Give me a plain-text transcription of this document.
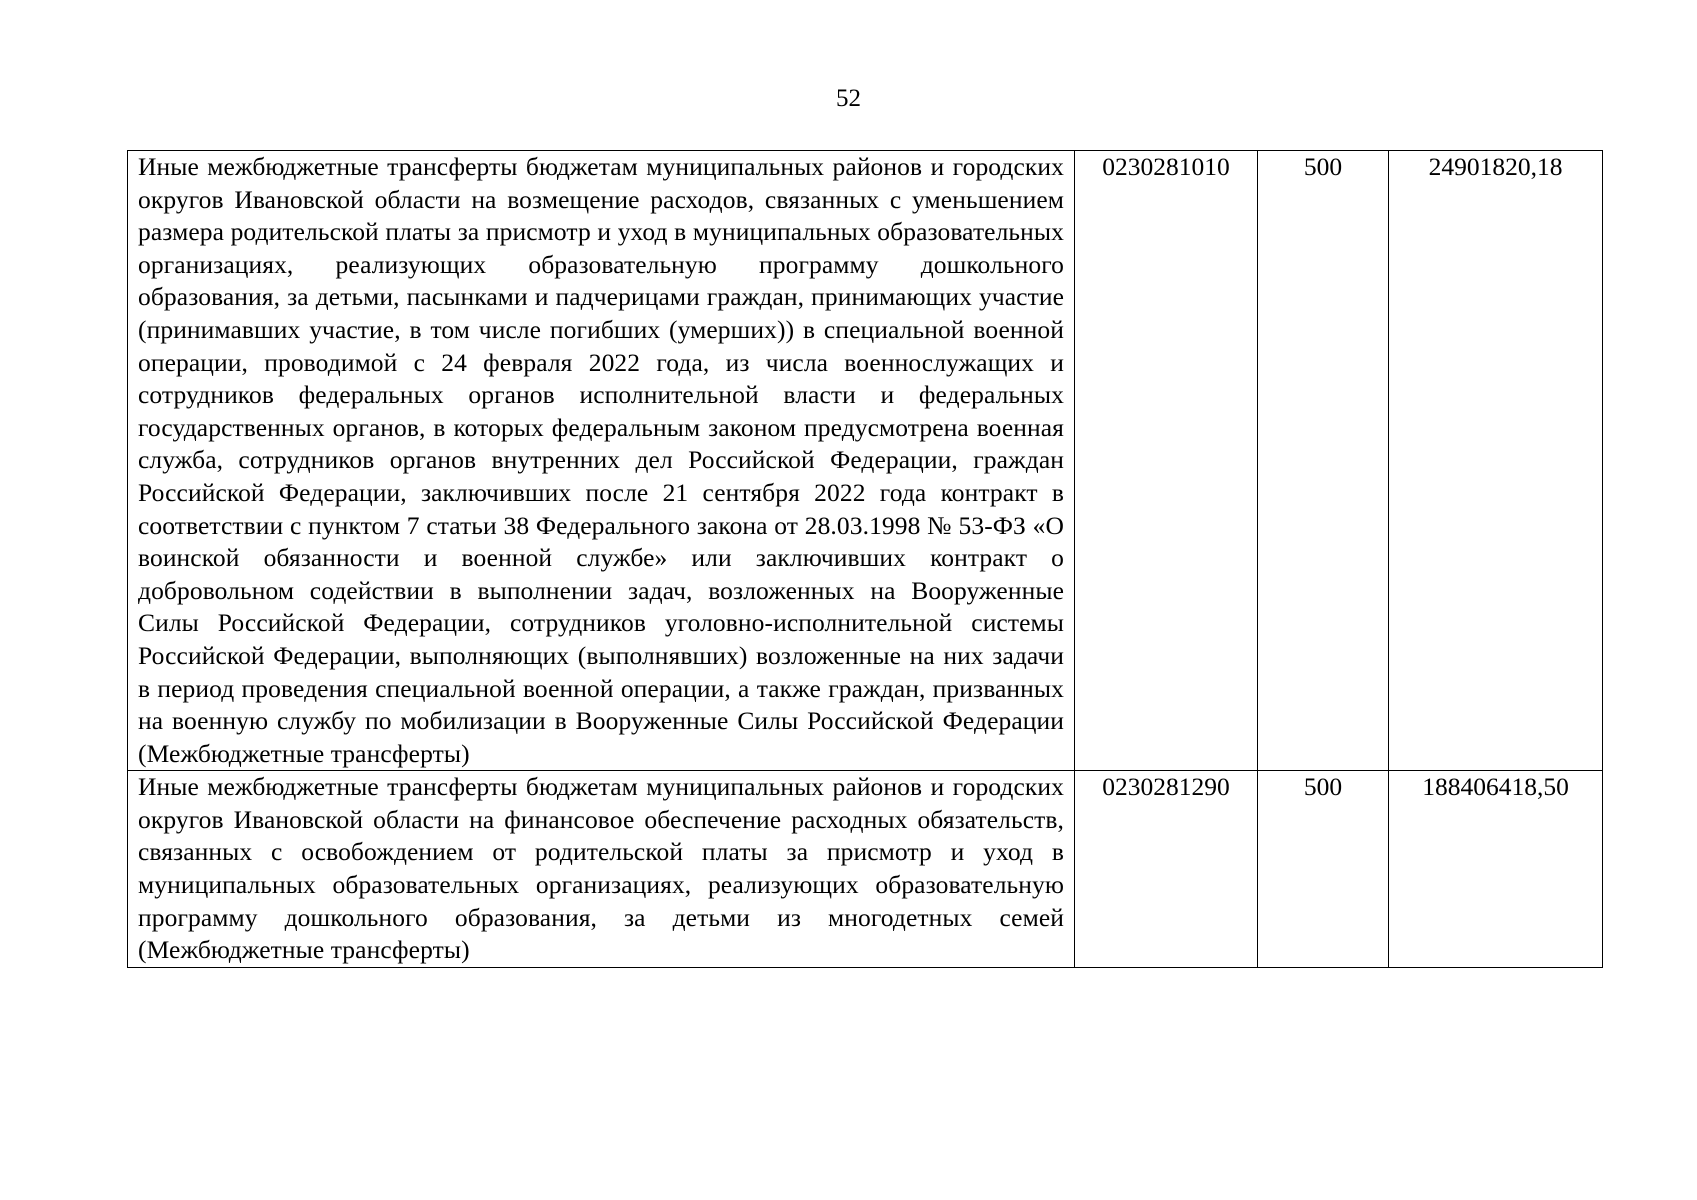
52
Иные межбюджетные трансферты бюджетам муниципальных районов и городских округов Ивановской области на возмещение расходов, связанных с уменьшением размера родительской платы за присмотр и уход в муниципальных образовательных организациях, реализующих образовательную программу дошкольного образования, за детьми, пасынками и падчерицами граждан, принимающих участие (принимавших участие, в том числе погибших (умерших)) в специальной военной операции, проводимой с 24 февраля 2022 года, из числа военнослужащих и сотрудников федеральных органов исполнительной власти и федеральных государственных органов, в которых федеральным законом предусмотрена военная служба, сотрудников органов внутренних дел Российской Федерации, граждан Российской Федерации, заключивших после 21 сентября 2022 года контракт в соответствии с пунктом 7 статьи 38 Федерального закона от 28.03.1998 № 53-ФЗ «О воинской обязанности и военной службе» или заключивших контракт о добровольном содействии в выполнении задач, возложенных на Вооруженные Силы Российской Федерации, сотрудников уголовно-исполнительной системы Российской Федерации, выполняющих (выполнявших) возложенные на них задачи в период проведения специальной военной операции, а также граждан, призванных на военную службу по мобилизации в Вооруженные Силы Российской Федерации (Межбюджетные трансферты)	0230281010	500	24901820,18
Иные межбюджетные трансферты бюджетам муниципальных районов и городских округов Ивановской области на финансовое обеспечение расходных обязательств, связанных с освобождением от родительской платы за присмотр и уход в муниципальных образовательных организациях, реализующих образовательную программу дошкольного образования, за детьми из многодетных семей (Межбюджетные трансферты)	0230281290	500	188406418,50
